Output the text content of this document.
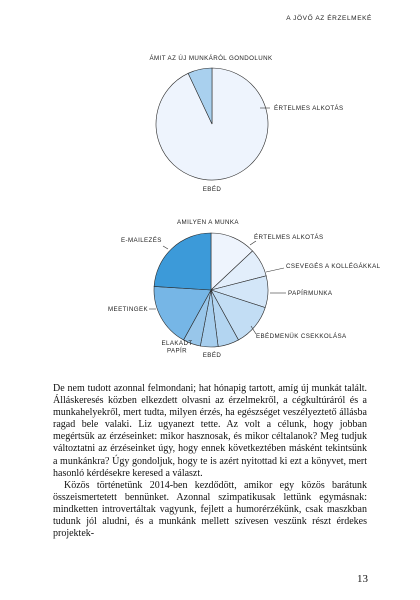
A JÖVŐ AZ ÉRZELMEKÉ
ÁMIT AZ ÚJ MUNKÁRÓL GONDOLUNK
ÉRTELMES ALKOTÁS
EBÉD
AMILYEN A MUNKA
ÉRTELMES ALKOTÁS
CSEVEGÉS A KOLLÉGÁKKAL
PAPÍRMUNKA
EBÉDMENÜK CSEKKOLÁSA
EBÉD
ELAKADT PAPÍR
MEETINGEK
E-MAILEZÉS

De nem tudott azonnal felmondani; hat hónapig tartott, amíg új munkát talált. Álláskeresés közben elkezdett olvasni az érzelmekről, a cégkultúráról és a munkahelyekről, mert tudta, milyen érzés, ha egészséget veszélyeztető állásba ragad bele valaki. Liz ugyanezt tette. Az volt a célunk, hogy jobban megértsük az érzéseinket: mikor hasznosak, és mikor céltalanok? Meg tudjuk változtatni az érzéseinket úgy, hogy ennek következtében másként tekintsünk a munkánkra? Úgy gondoljuk, hogy te is azért nyitottad ki ezt a könyvet, mert hasonló kérdésekre keresed a választ.

Közös történetünk 2014-ben kezdődött, amikor egy közös barátunk összeismertetett bennünket. Azonnal szimpatikusak lettünk egymásnak: mindketten introvertáltak vagyunk, fejlett a humorérzékünk, csak maszkban tudunk jól aludni, és a munkánk mellett szívesen veszünk részt érdekes projektek-

13
